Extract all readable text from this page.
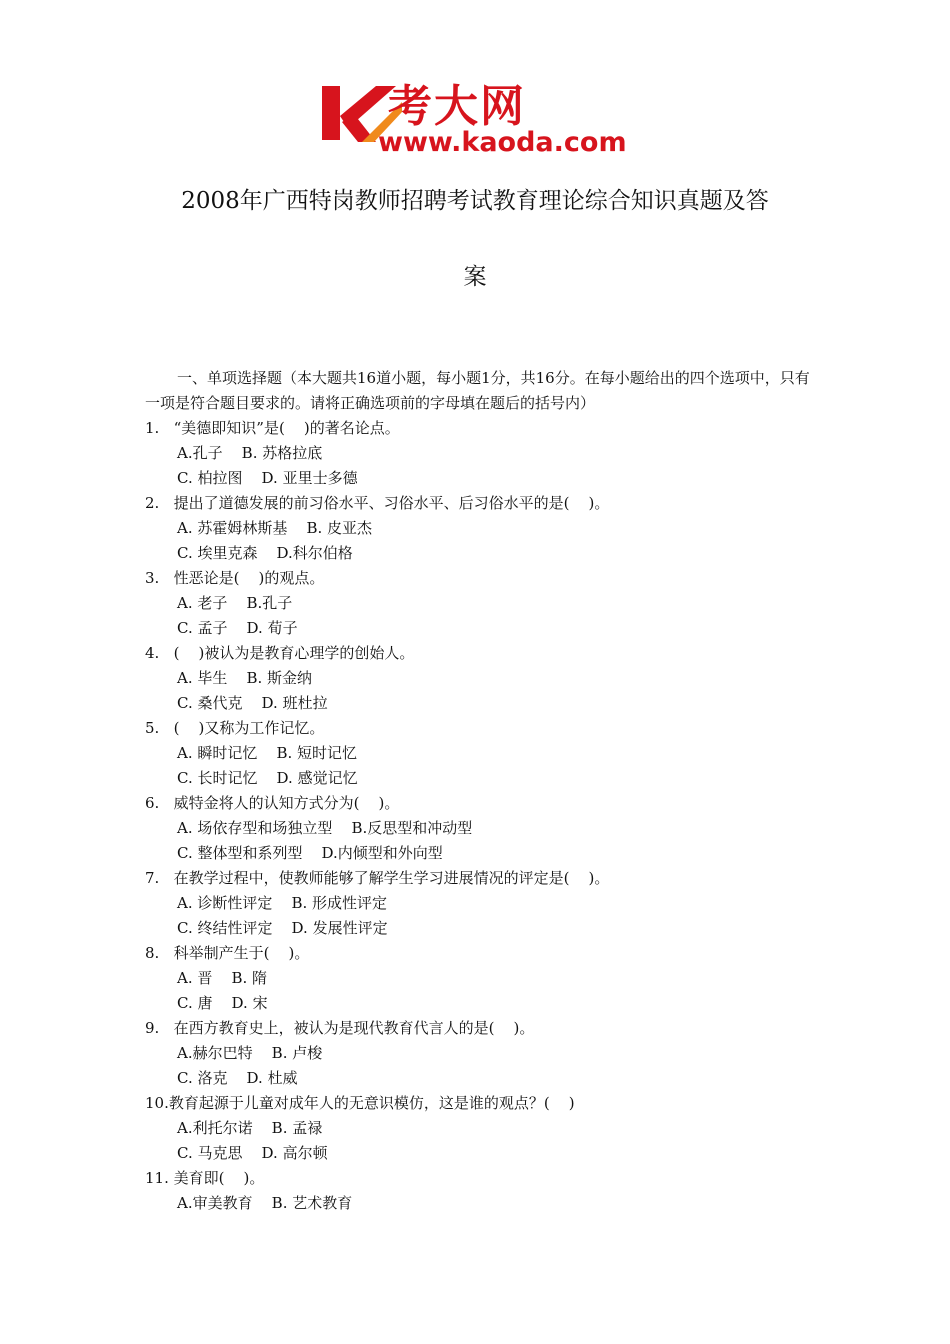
考大网
www.kaoda.com
2008年广西特岗教师招聘考试教育理论综合知识真题及答
案

一、单项选择题（本大题共16道小题，每小题1分，共16分。在每小题给出的四个选项中，只有一项是符合题目要求的。请将正确选项前的字母填在题后的括号内）

1.   “美德即知识”是(    )的著名论点。
A.孔子    B. 苏格拉底
C. 柏拉图    D. 亚里士多德
2.   提出了道德发展的前习俗水平、习俗水平、后习俗水平的是(    )。
A. 苏霍姆林斯基    B. 皮亚杰
C. 埃里克森    D.科尔伯格
3.   性恶论是(    )的观点。
A. 老子    B.孔子
C. 孟子    D. 荀子
4.   (    )被认为是教育心理学的创始人。
A. 毕生    B. 斯金纳
C. 桑代克    D. 班杜拉
5.   (    )又称为工作记忆。
A. 瞬时记忆    B. 短时记忆
C. 长时记忆    D. 感觉记忆
6.   威特金将人的认知方式分为(    )。
A. 场依存型和场独立型    B.反思型和冲动型
C. 整体型和系列型    D.内倾型和外向型
7.   在教学过程中，使教师能够了解学生学习进展情况的评定是(    )。
A. 诊断性评定    B. 形成性评定
C. 终结性评定    D. 发展性评定
8.   科举制产生于(    )。
A. 晋    B. 隋
C. 唐    D. 宋
9.   在西方教育史上，被认为是现代教育代言人的是(    )。
A.赫尔巴特    B. 卢梭
C. 洛克    D. 杜威
10.教育起源于儿童对成年人的无意识模仿，这是谁的观点？(    )
A.利托尔诺    B. 孟禄
C. 马克思    D. 高尔顿
11. 美育即(    )。
A.审美教育    B. 艺术教育
